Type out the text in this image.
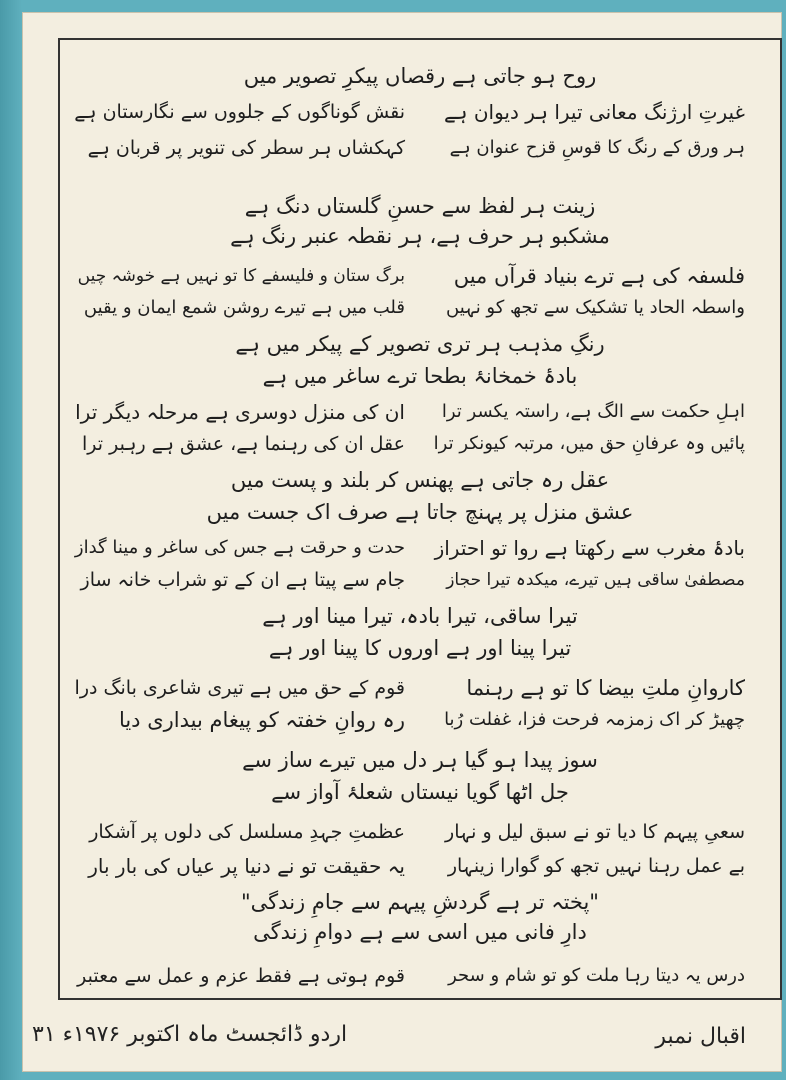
روح ہو جاتی ہے رقصاں پیکرِ تصویر میں
غیرتِ ارژنگ معانی تیرا ہر دیوان ہے
نقش گوناگوں کے جلووں سے نگارستان ہے
ہر ورق کے رنگ کا قوسِ قزح عنوان ہے
کہکشاں ہر سطر کی تنویر پر قربان ہے
زینت ہر لفظ سے حسنِ گلستاں دنگ ہے
مشکبو ہر حرف ہے، ہر نقطہ عنبر رنگ ہے
فلسفہ کی ہے ترے بنیاد قرآں میں
برگ ستان و فلیسفے کا تو نہیں ہے خوشہ چیں
واسطہ الحاد یا تشکیک سے تجھ کو نہیں
قلب میں ہے تیرے روشن شمع ایمان و یقیں
رنگِ مذہب ہر تری تصویر کے پیکر میں ہے
بادۂ خمخانۂ بطحا ترے ساغر میں ہے
اہلِ حکمت سے الگ ہے، راستہ یکسر ترا
ان کی منزل دوسری ہے مرحلہ دیگر ترا
پائیں وہ عرفانِ حق میں، مرتبہ کیونکر ترا
عقل ان کی رہنما ہے، عشق ہے رہبر ترا
عقل رہ جاتی ہے پھنس کر بلند و پست میں
عشق منزل پر پہنچ جاتا ہے صرف اک جست میں
بادۂ مغرب سے رکھتا ہے روا تو احتراز
حدت و حرقت ہے جس کی ساغر و مینا گداز
مصطفیٰ ساقی ہیں تیرے، میکدہ تیرا حجاز
جام سے پیتا ہے ان کے تو شراب خانہ ساز
تیرا ساقی، تیرا بادہ، تیرا مینا اور ہے
تیرا پینا اور ہے اوروں کا پینا اور ہے
کاروانِ ملتِ بیضا کا تو ہے رہنما
قوم کے حق میں ہے تیری شاعری بانگ درا
چھیڑ کر اک زمزمہ فرحت فزا، غفلت رُبا
رہ روانِ خفتہ کو پیغام بیداری دیا
سوز پیدا ہو گیا ہر دل میں تیرے ساز سے
جل اٹھا گویا نیستاں شعلۂ آواز سے
سعیِ پیہم کا دیا تو نے سبق لیل و نہار
عظمتِ جہدِ مسلسل کی دلوں پر آشکار
بے عمل رہنا نہیں تجھ کو گوارا زینہار
یہ حقیقت تو نے دنیا پر عیاں کی بار بار
"پختہ تر ہے گردشِ پیہم سے جامِ زندگی"
دارِ فانی میں اسی سے ہے دوامِ زندگی
درس یہ دیتا رہا ملت کو تو شام و سحر
قوم ہوتی ہے فقط عزم و عمل سے معتبر
اردو ڈائجسٹ ماہ اکتوبر ۱۹۷۶ء ۳۱	اقبال نمبر
